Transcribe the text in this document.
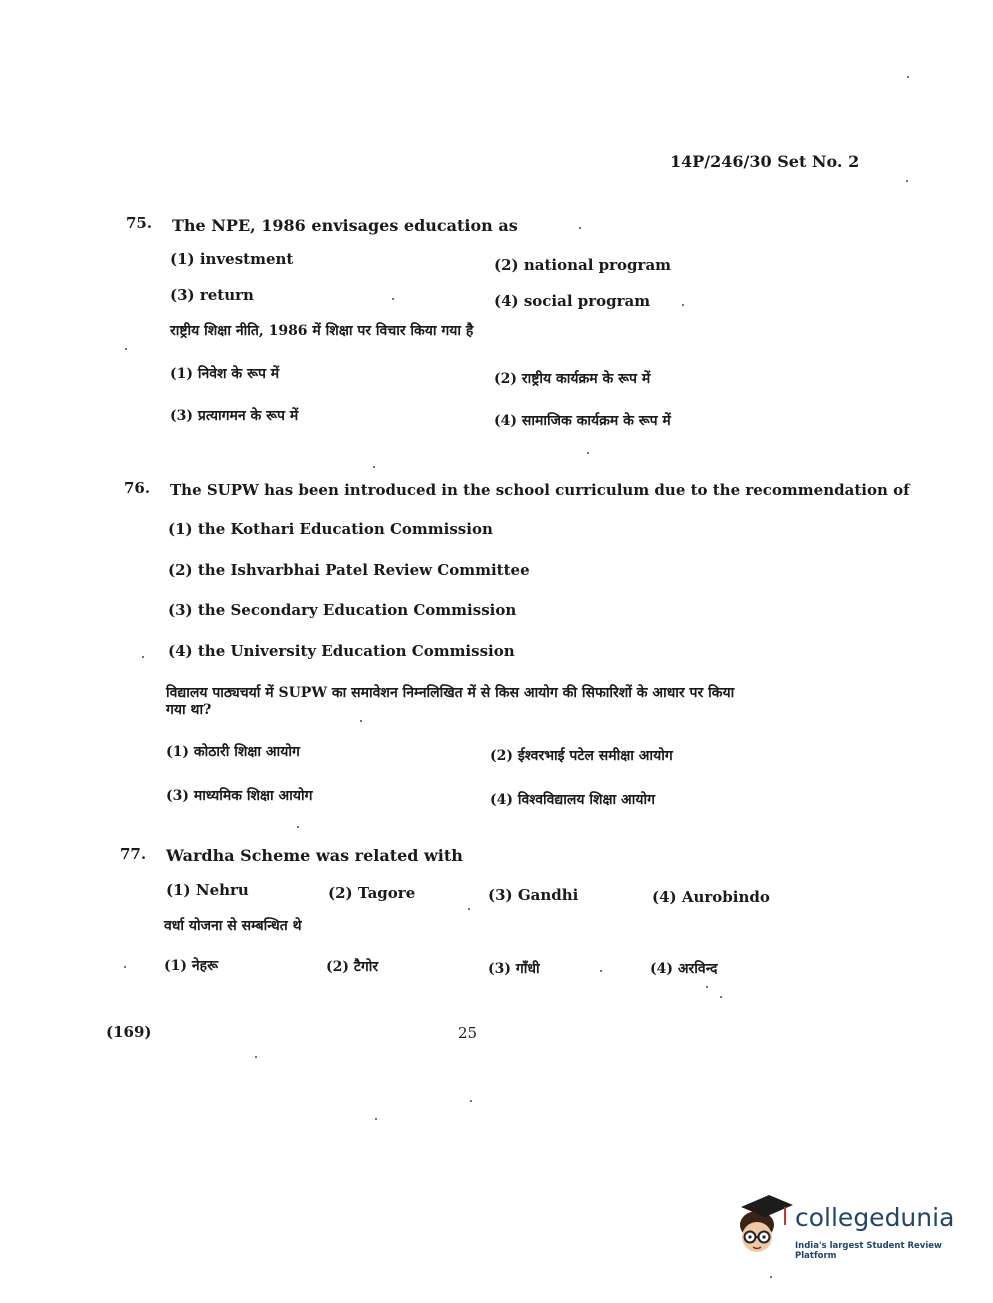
14P/246/30 Set No. 2
75. The NPE, 1986 envisages education as
(1) investment	(2) national program
(3) return	(4) social program
राष्ट्रीय शिक्षा नीति, 1986 में शिक्षा पर विचार किया गया है
(1) निवेश के रूप में	(2) राष्ट्रीय कार्यक्रम के रूप में
(3) प्रत्यागमन के रूप में	(4) सामाजिक कार्यक्रम के रूप में
76. The SUPW has been introduced in the school curriculum due to the recommendation of
(1) the Kothari Education Commission
(2) the Ishvarbhai Patel Review Committee
(3) the Secondary Education Commission
(4) the University Education Commission
विद्यालय पाठ्यचर्या में SUPW का समावेशन निम्नलिखित में से किस आयोग की सिफारिशों के आधार पर किया
गया था?
(1) कोठारी शिक्षा आयोग	(2) ईश्वरभाई पटेल समीक्षा आयोग
(3) माध्यमिक शिक्षा आयोग	(4) विश्वविद्यालय शिक्षा आयोग
77. Wardha Scheme was related with
(1) Nehru	(2) Tagore	(3) Gandhi	(4) Aurobindo
वर्धा योजना से सम्बन्धित थे
(1) नेहरू	(2) टैगोर	(3) गाँधी	(4) अरविन्द
(169)	25
collegedunia
India's largest Student Review Platform
